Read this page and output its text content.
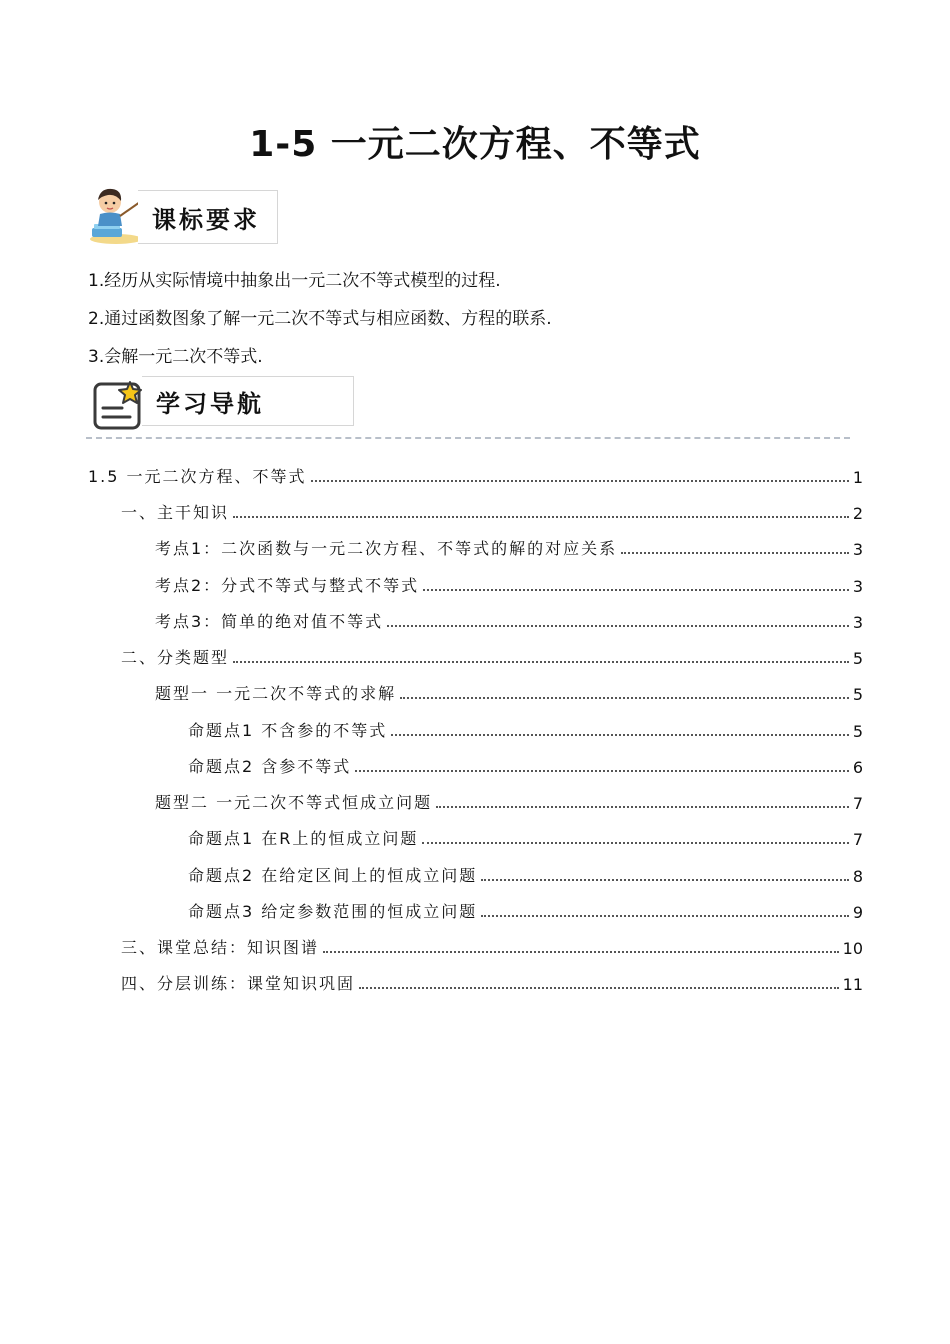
1-5 一元二次方程、不等式
课标要求
1.经历从实际情境中抽象出一元二次不等式模型的过程.
2.通过函数图象了解一元二次不等式与相应函数、方程的联系.
3.会解一元二次不等式.
学习导航
1.5 一元二次方程、不等式	1
一、主干知识	2
考点1：二次函数与一元二次方程、不等式的解的对应关系	3
考点2：分式不等式与整式不等式	3
考点3：简单的绝对值不等式	3
二、分类题型	5
题型一 一元二次不等式的求解	5
命题点1 不含参的不等式	5
命题点2 含参不等式	6
题型二 一元二次不等式恒成立问题	7
命题点1 在R上的恒成立问题	7
命题点2 在给定区间上的恒成立问题	8
命题点3 给定参数范围的恒成立问题	9
三、课堂总结：知识图谱	10
四、分层训练：课堂知识巩固	11
